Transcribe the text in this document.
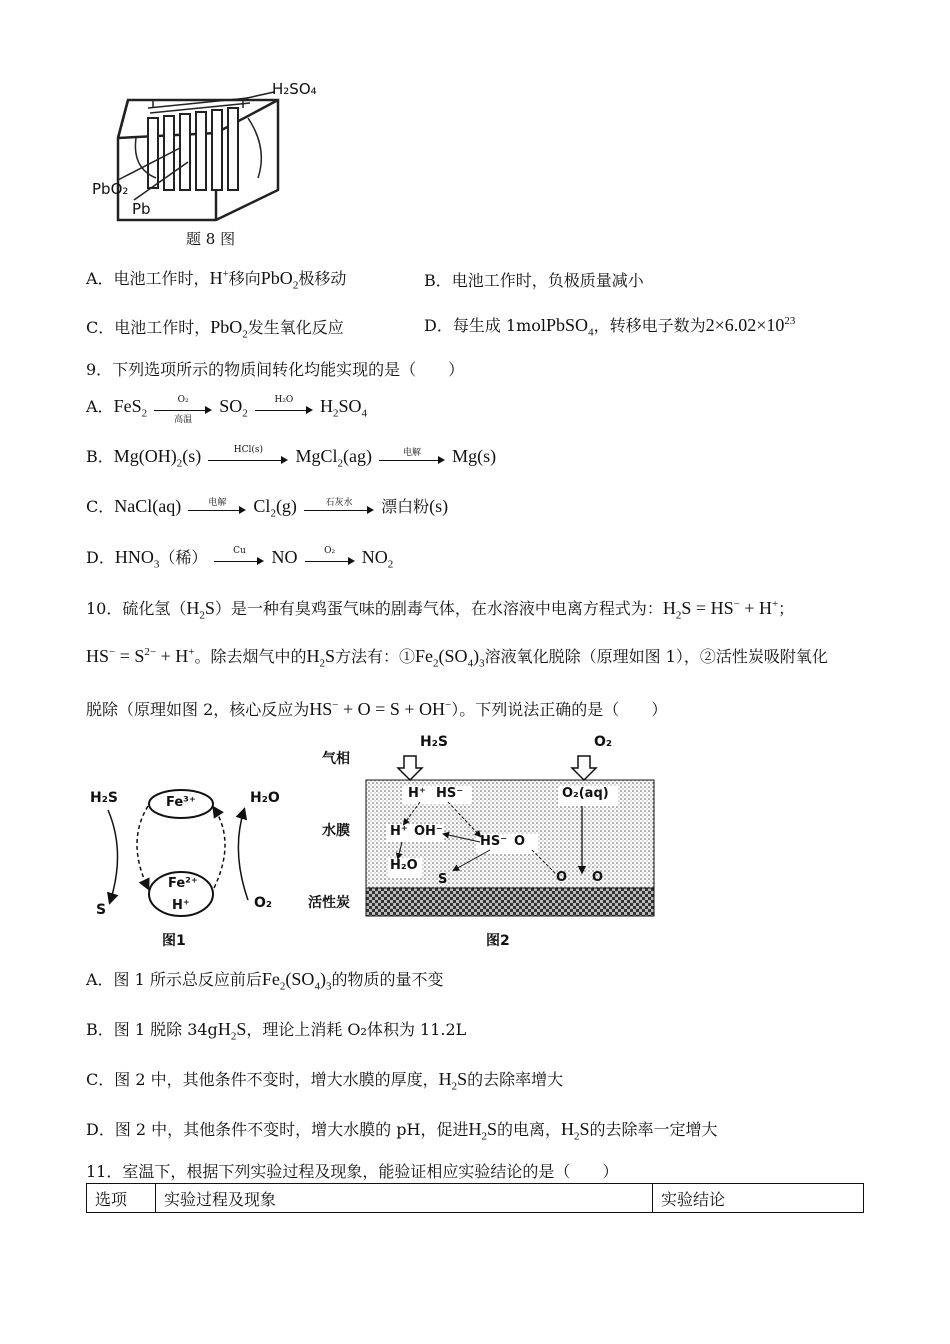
H₂SO₄
PbO₂
Pb
题 8 图
A．电池工作时，H+移向PbO$_2$极移动	B．电池工作时，负极质量减小
C．电池工作时，PbO$_2$发生氧化反应	D．每生成 1molPbSO$_4$，转移电子数为$2\times 6.02\times 10^{23}$
9．下列选项所示的物质间转化均能实现的是（　　）
A．FeS$_2$
O₂
高温
$SO_2$
H₂O	$H_2SO_4$
B．$Mg(OH)_2(s)$	HCl(s)	MgCl$_2$(ag)	电解	Mg(s)
C．NaCl(aq)	电解	$Cl_2(g)$	石灰水	漂白粉(s)
D．$HNO_3$（稀）	Cu	NO	O₂	$NO_2$
10．硫化氢$(H_2S)$是一种有臭鸡蛋气味的剧毒气体，在水溶液中电离方程式为：$H_2S = HS^- + H^+$；
$HS^- = S^{2-} + H^+$。除去烟气中的$H_2S$方法有：$①Fe_2(SO_4)_3$溶液氧化脱除（原理如图 1），②活性炭吸附氧化
脱除（原理如图 2，核心反应为HS− + O = S + OH−）。下列说法正确的是（　　）
H₂S	H₂O
Fe³⁺
Fe²⁺
H⁺
S	O₂
图1
气相
水膜
活性炭
H₂S	O₂
H⁺ HS⁻	O₂(aq)
H⁺ OH⁻
HS⁻ O
H₂O
S	O O
图2
A．图 1 所示总反应前后$Fe_2(SO_4)_3$的物质的量不变
B．图 1 脱除 $34gH_2S$，理论上消耗 O₂体积为 11.2L
C．图 2 中，其他条件不变时，增大水膜的厚度，$H_2S$的去除率增大
D．图 2 中，其他条件不变时，增大水膜的 pH，促进$H_2S$的电离，$H_2S$的去除率一定增大
11．室温下，根据下列实验过程及现象，能验证相应实验结论的是（　　）
选项	实验过程及现象	实验结论
